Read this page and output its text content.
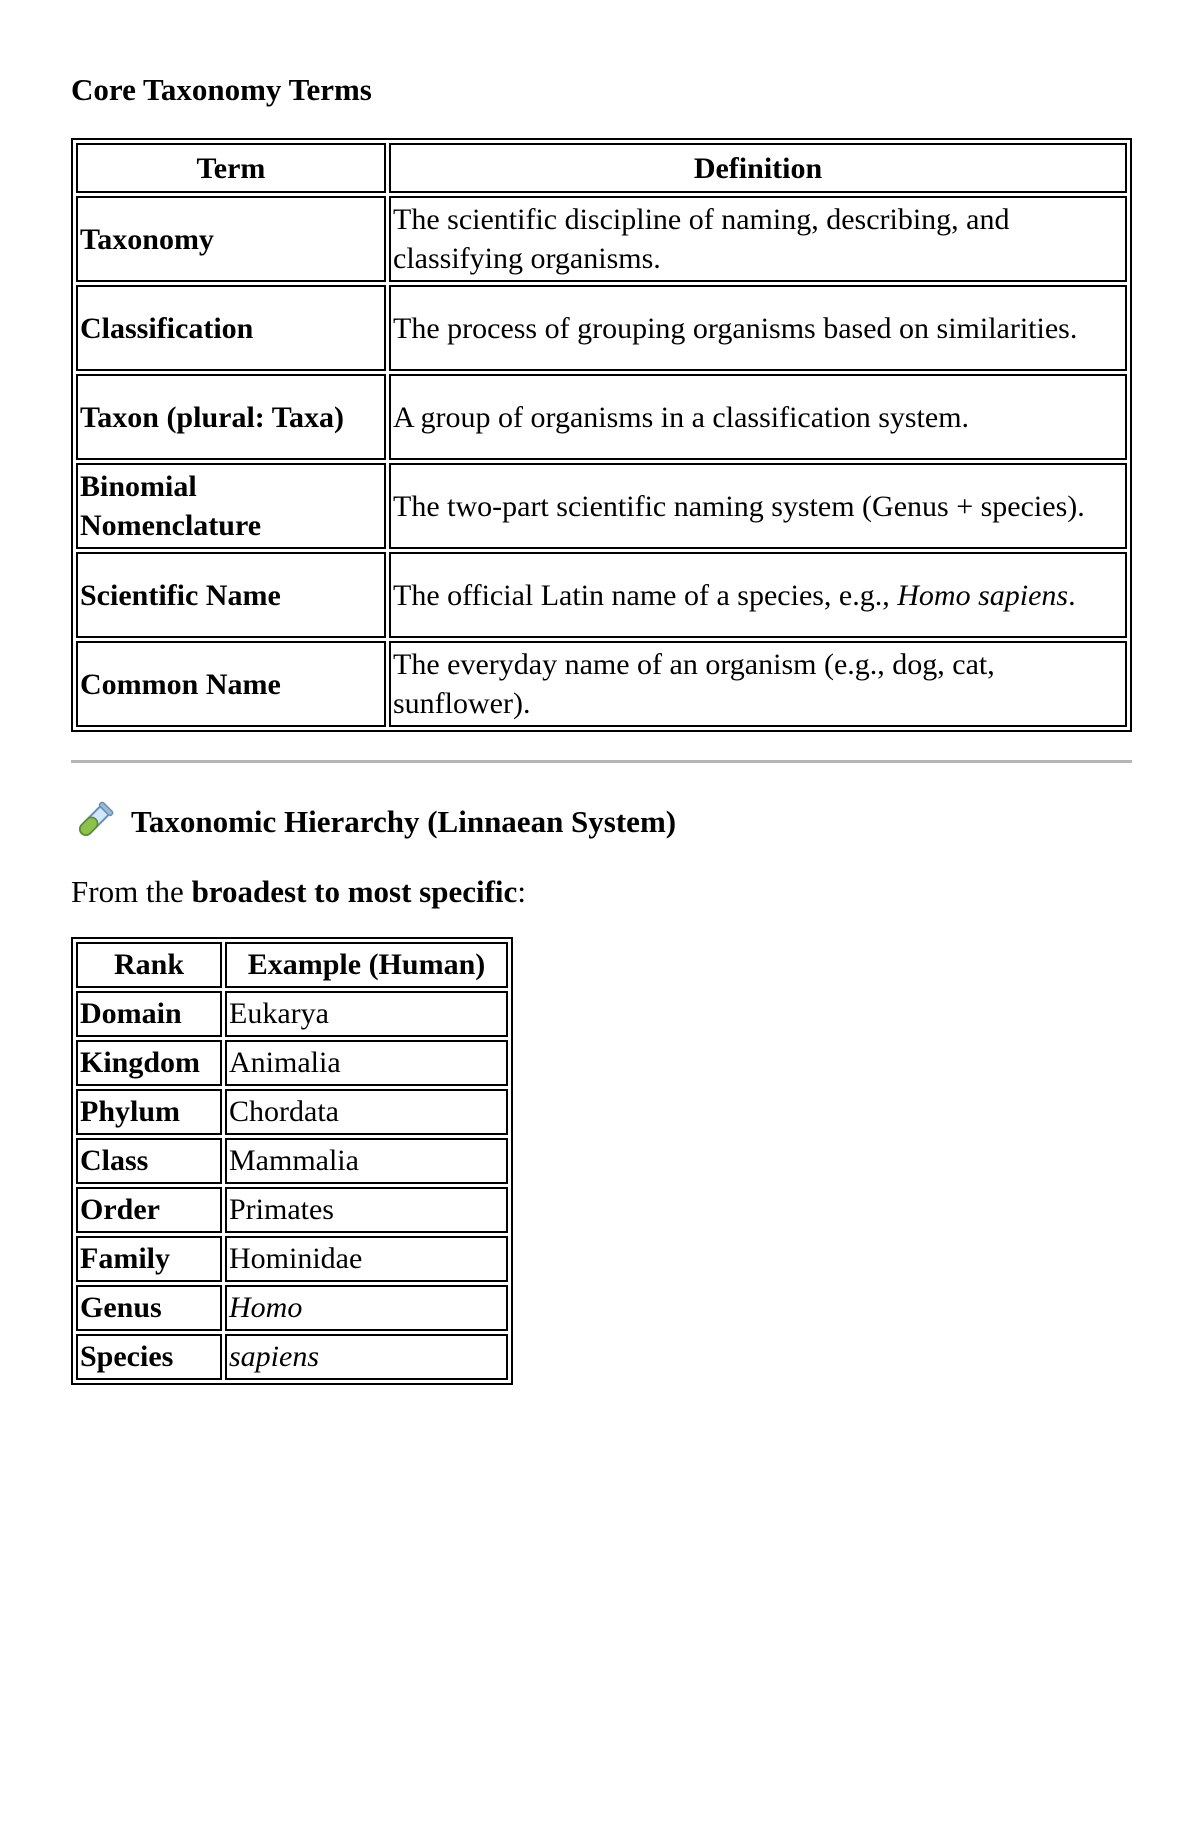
Core Taxonomy Terms
Term	Definition
Taxonomy	The scientific discipline of naming, describing, and classifying organisms.
Classification	The process of grouping organisms based on similarities.
Taxon (plural: Taxa)	A group of organisms in a classification system.
Binomial Nomenclature	The two-part scientific naming system (Genus + species).
Scientific Name	The official Latin name of a species, e.g., Homo sapiens.
Common Name	The everyday name of an organism (e.g., dog, cat, sunflower).
Taxonomic Hierarchy (Linnaean System)
From the broadest to most specific:
Rank	Example (Human)
Domain	Eukarya
Kingdom	Animalia
Phylum	Chordata
Class	Mammalia
Order	Primates
Family	Hominidae
Genus	Homo
Species	sapiens
